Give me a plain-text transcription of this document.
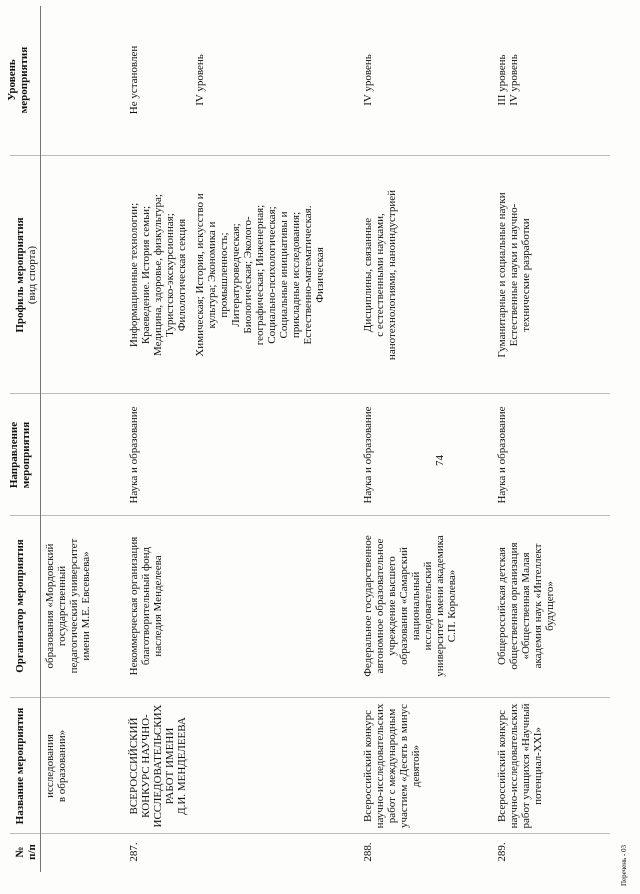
74
№ п/п
Название мероприятия
Организатор мероприятия
Направление мероприятия
Профиль мероприятия (вид спорта)
Уровень мероприятия
исследования в образовании»
образования «Мордовский государственный педагогический университет имени М.Е. Евсевьева»
287.
ВСЕРОССИЙСКИЙ КОНКУРС НАУЧНО- ИССЛЕДОВАТЕЛЬСКИХ РАБОТ ИМЕНИ Д.И. МЕНДЕЛЕЕВА
Некоммерческая организация благотворительный фонд наследия Менделеева
Наука и образование
Информационные технологии; Краеведение. История семьи; Медицина, здоровье, физкультура; Туристско-экскурсионная; Филологическая секция Химическая; История, искусство и культура; Экономика и промышленность; Литературоведческая; Биологическая; Эколого- географическая; Инженерная; Социально-психологическая; Социальные инициативы и прикладные исследования; Естественно-математическая. Физическая
Не установлен	IV уровень
288.
Всероссийский конкурс научно-исследовательских работ с международным участием «Десять в минус девятой»
Федеральное государственное автономное образовательное учреждение высшего образования «Самарский национальный исследовательский университет имени академика С.П. Королева»
Наука и образование
Дисциплины, связанные с естественными науками, нанотехнологиями, наноиндустрией
IV уровень
289.
Всероссийский конкурс научно-исследовательских работ учащихся «Научный потенциал-XXI»
Общероссийская детская общественная организация «Общественная Малая академия наук «Интеллект будущего»
Наука и образование
Гуманитарные и социальные науки Естественные науки и научно- технические разработки
III уровень IV уровень
Перечень - 03
